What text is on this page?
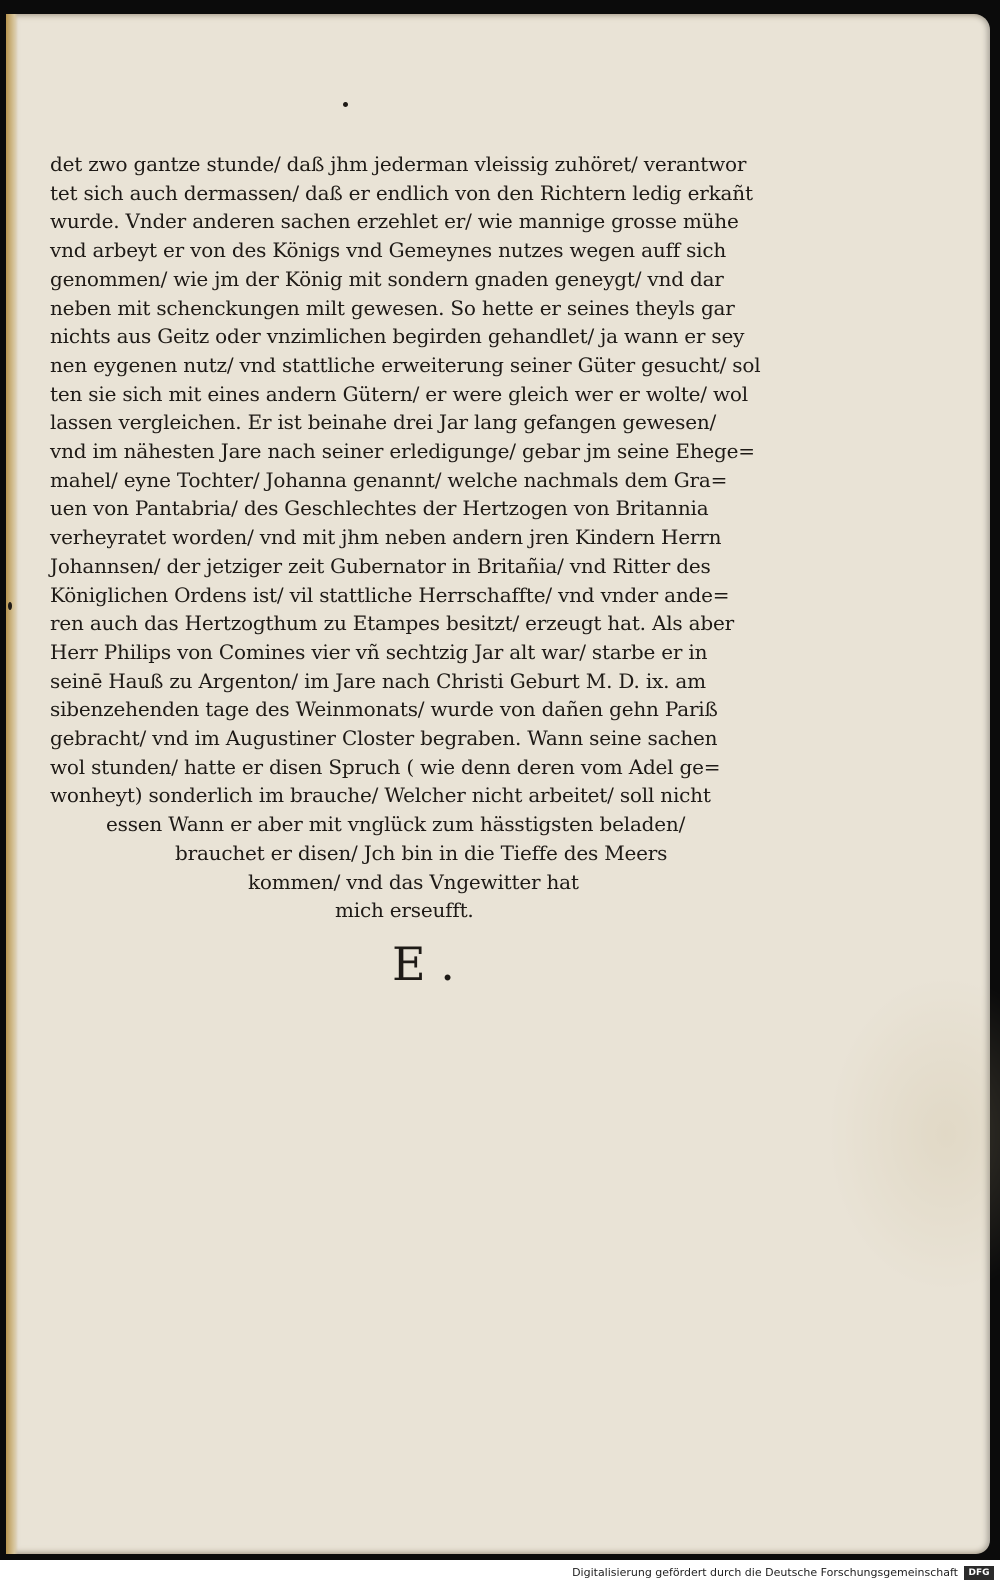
det zwo gantze stunde/ daß jhm jederman vleissig zuhöret/ verantwor
tet sich auch dermassen/ daß er endlich von den Richtern ledig erkañt
wurde. Vnder anderen sachen erzehlet er/ wie mannige grosse mühe
vnd arbeyt er von des Königs vnd Gemeynes nutzes wegen auff sich
genommen/ wie jm der König mit sondern gnaden geneygt/ vnd dar
neben mit schenckungen milt gewesen. So hette er seines theyls gar
nichts aus Geitz oder vnzimlichen begirden gehandlet/ ja wann er sey
nen eygenen nutz/ vnd stattliche erweiterung seiner Güter gesucht/ sol
ten sie sich mit eines andern Gütern/ er were gleich wer er wolte/ wol
lassen vergleichen. Er ist beinahe drei Jar lang gefangen gewesen/
vnd im nähesten Jare nach seiner erledigunge/ gebar jm seine Ehege=
mahel/ eyne Tochter/ Johanna genannt/ welche nachmals dem Gra=
uen von Pantabria/ des Geschlechtes der Hertzogen von Britannia
verheyratet worden/ vnd mit jhm neben andern jren Kindern Herrn
Johannsen/ der jetziger zeit Gubernator in Britañia/ vnd Ritter des
Königlichen Ordens ist/ vil stattliche Herrschaffte/ vnd vnder ande=
ren auch das Hertzogthum zu Etampes besitzt/ erzeugt hat. Als aber
Herr Philips von Comines vier vñ sechtzig Jar alt war/ starbe er in
seinē Hauß zu Argenton/ im Jare nach Christi Geburt M. D. ix. am
sibenzehenden tage des Weinmonats/ wurde von dañen gehn Pariß
gebracht/ vnd im Augustiner Closter begraben. Wann seine sachen
wol stunden/ hatte er disen Spruch ( wie denn deren vom Adel ge=
wonheyt) sonderlich im brauche/ Welcher nicht arbeitet/ soll nicht
essen Wann er aber mit vnglück zum hässtigsten beladen/
brauchet er disen/ Jch bin in die Tieffe des Meers
kommen/ vnd das Vngewitter hat
mich erseufft.
E .
Digitalisierung gefördert durch die Deutsche Forschungsgemeinschaft	DFG
